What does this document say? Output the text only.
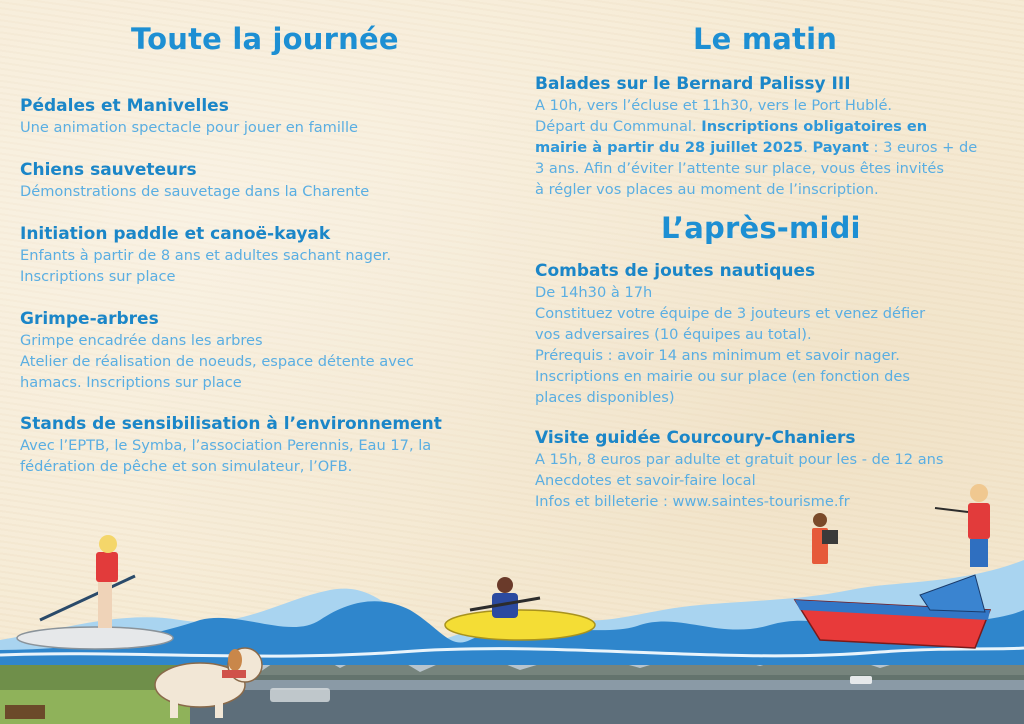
Toute la journée	Le matin
L’après-midi
Pédales et Manivelles

Une animation spectacle pour jouer en famille

Chiens sauveteurs

Démonstrations de sauvetage dans la Charente

Initiation paddle et canoë-kayak

Enfants à partir de 8 ans et adultes sachant nager.

Inscriptions sur place

Grimpe-arbres

Grimpe encadrée dans les arbres

Atelier de réalisation de noeuds, espace détente avec

hamacs. Inscriptions sur place

Stands de sensibilisation à l’environnement

Avec l’EPTB, le Symba, l’association Perennis, Eau 17, la

fédération de pêche et son simulateur, l’OFB.

Balades sur le Bernard Palissy III

A 10h, vers l’écluse et 11h30, vers le Port Hublé.

Départ du Communal. Inscriptions obligatoires en

mairie à partir du 28 juillet 2025. Payant : 3 euros + de

3 ans. Afin d’éviter l’attente sur place, vous êtes invités

à régler vos places au moment de l’inscription.

Combats de joutes nautiques

De 14h30 à 17h

Constituez votre équipe de 3 jouteurs et venez défier

vos adversaires (10 équipes au total).

Prérequis : avoir 14 ans minimum et savoir nager.

Inscriptions en mairie ou sur place (en fonction des

places disponibles)

Visite guidée Courcoury-Chaniers

A 15h, 8 euros par adulte et gratuit pour les - de 12 ans

Anecdotes et savoir-faire local

Infos et billeterie : www.saintes-tourisme.fr
